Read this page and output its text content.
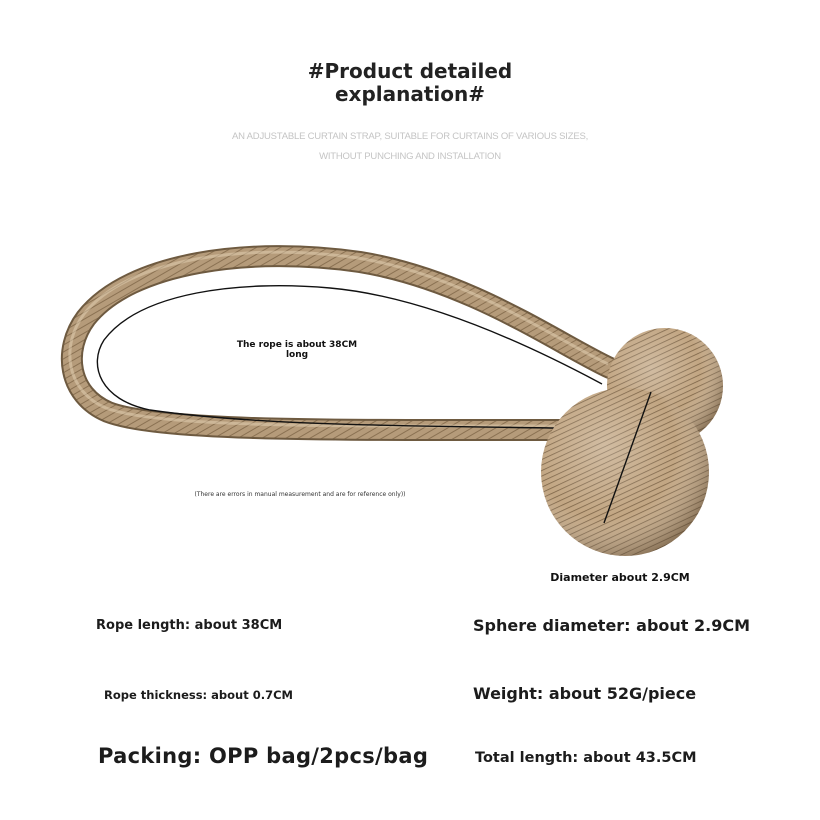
#Product detailed
explanation#
AN ADJUSTABLE CURTAIN STRAP, SUITABLE FOR CURTAINS OF VARIOUS SIZES,
WITHOUT PUNCHING AND INSTALLATION
The rope is about 38CM
long
(There are errors in manual measurement and are for reference only))
Diameter about 2.9CM
Rope length: about 38CM	Sphere diameter: about 2.9CM
Rope thickness: about 0.7CM	Weight: about 52G/piece
Packing: OPP bag/2pcs/bag	Total length: about 43.5CM
